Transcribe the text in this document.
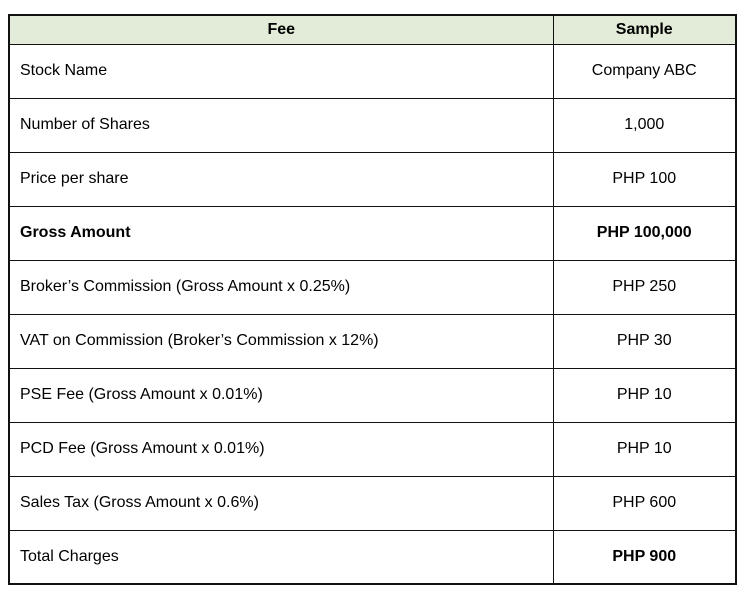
Fee	Sample
Stock Name	Company ABC
Number of Shares	1,000
Price per share	PHP 100
Gross Amount	PHP 100,000
Broker’s Commission (Gross Amount x 0.25%)	PHP 250
VAT on Commission (Broker’s Commission x 12%)	PHP 30
PSE Fee (Gross Amount x 0.01%)	PHP 10
PCD Fee (Gross Amount x 0.01%)	PHP 10
Sales Tax (Gross Amount x 0.6%)	PHP 600
Total Charges	PHP 900
